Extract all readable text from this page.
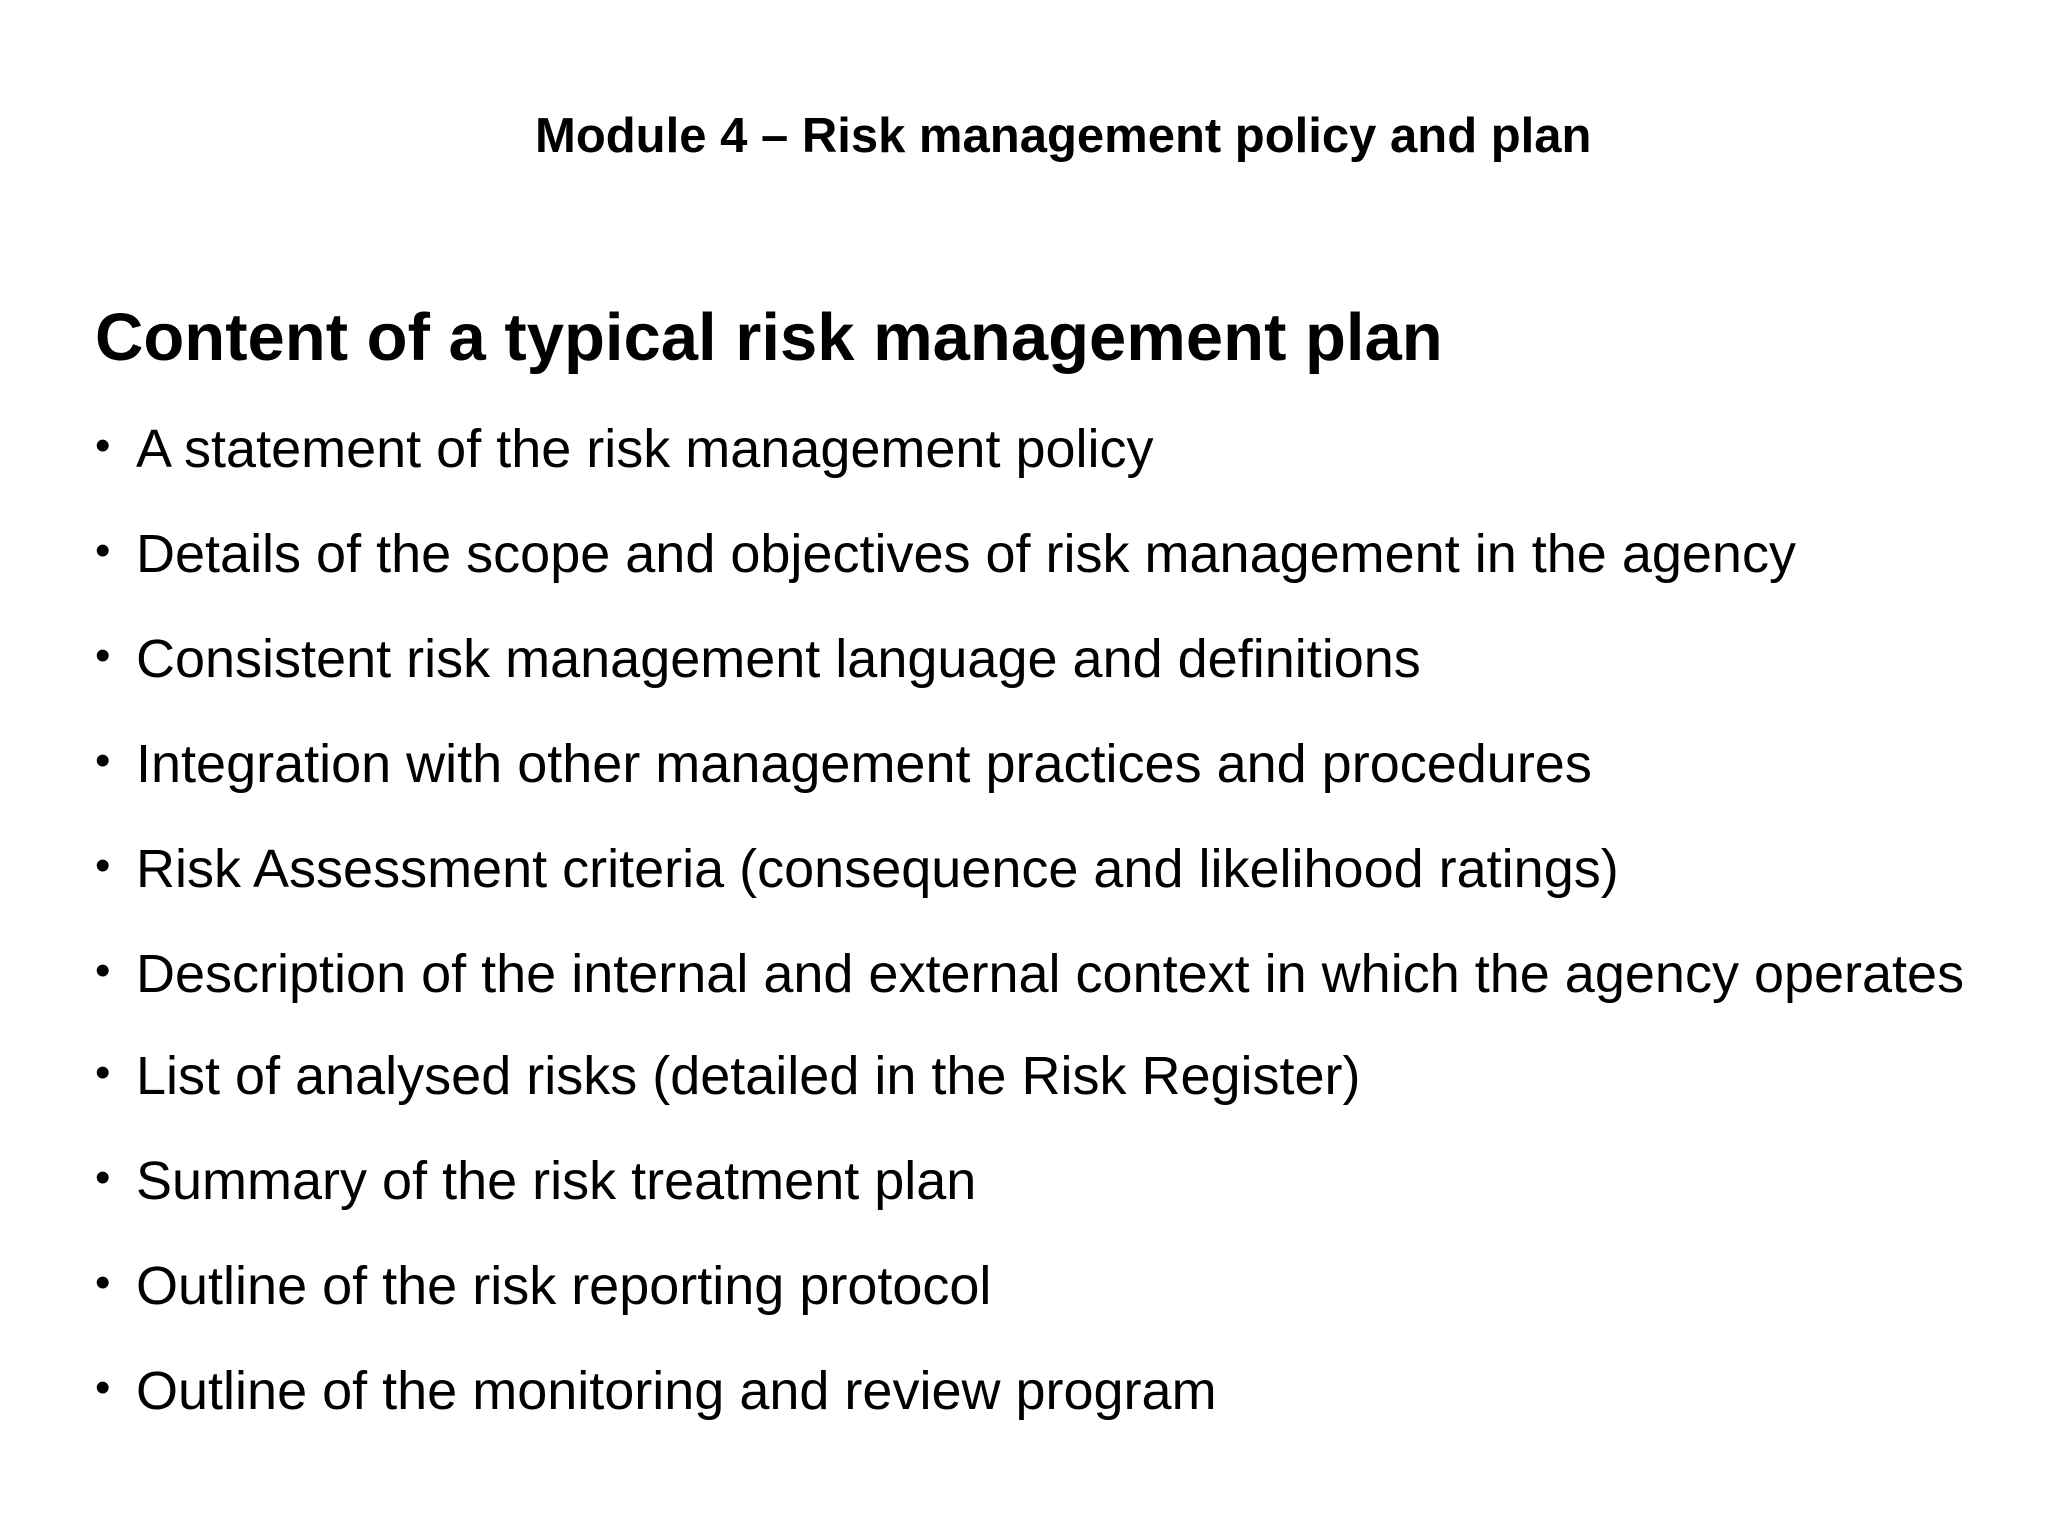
Module 4 – Risk management policy and plan
Content of a typical risk management plan
• A statement of the risk management policy
• Details of the scope and objectives of risk management in the agency
• Consistent risk management language and definitions
• Integration with other management practices and procedures
• Risk Assessment criteria (consequence and likelihood ratings)
• Description of the internal and external context in which the agency operates
• List of analysed risks (detailed in the Risk Register)
• Summary of the risk treatment plan
• Outline of the risk reporting protocol
• Outline of the monitoring and review program
